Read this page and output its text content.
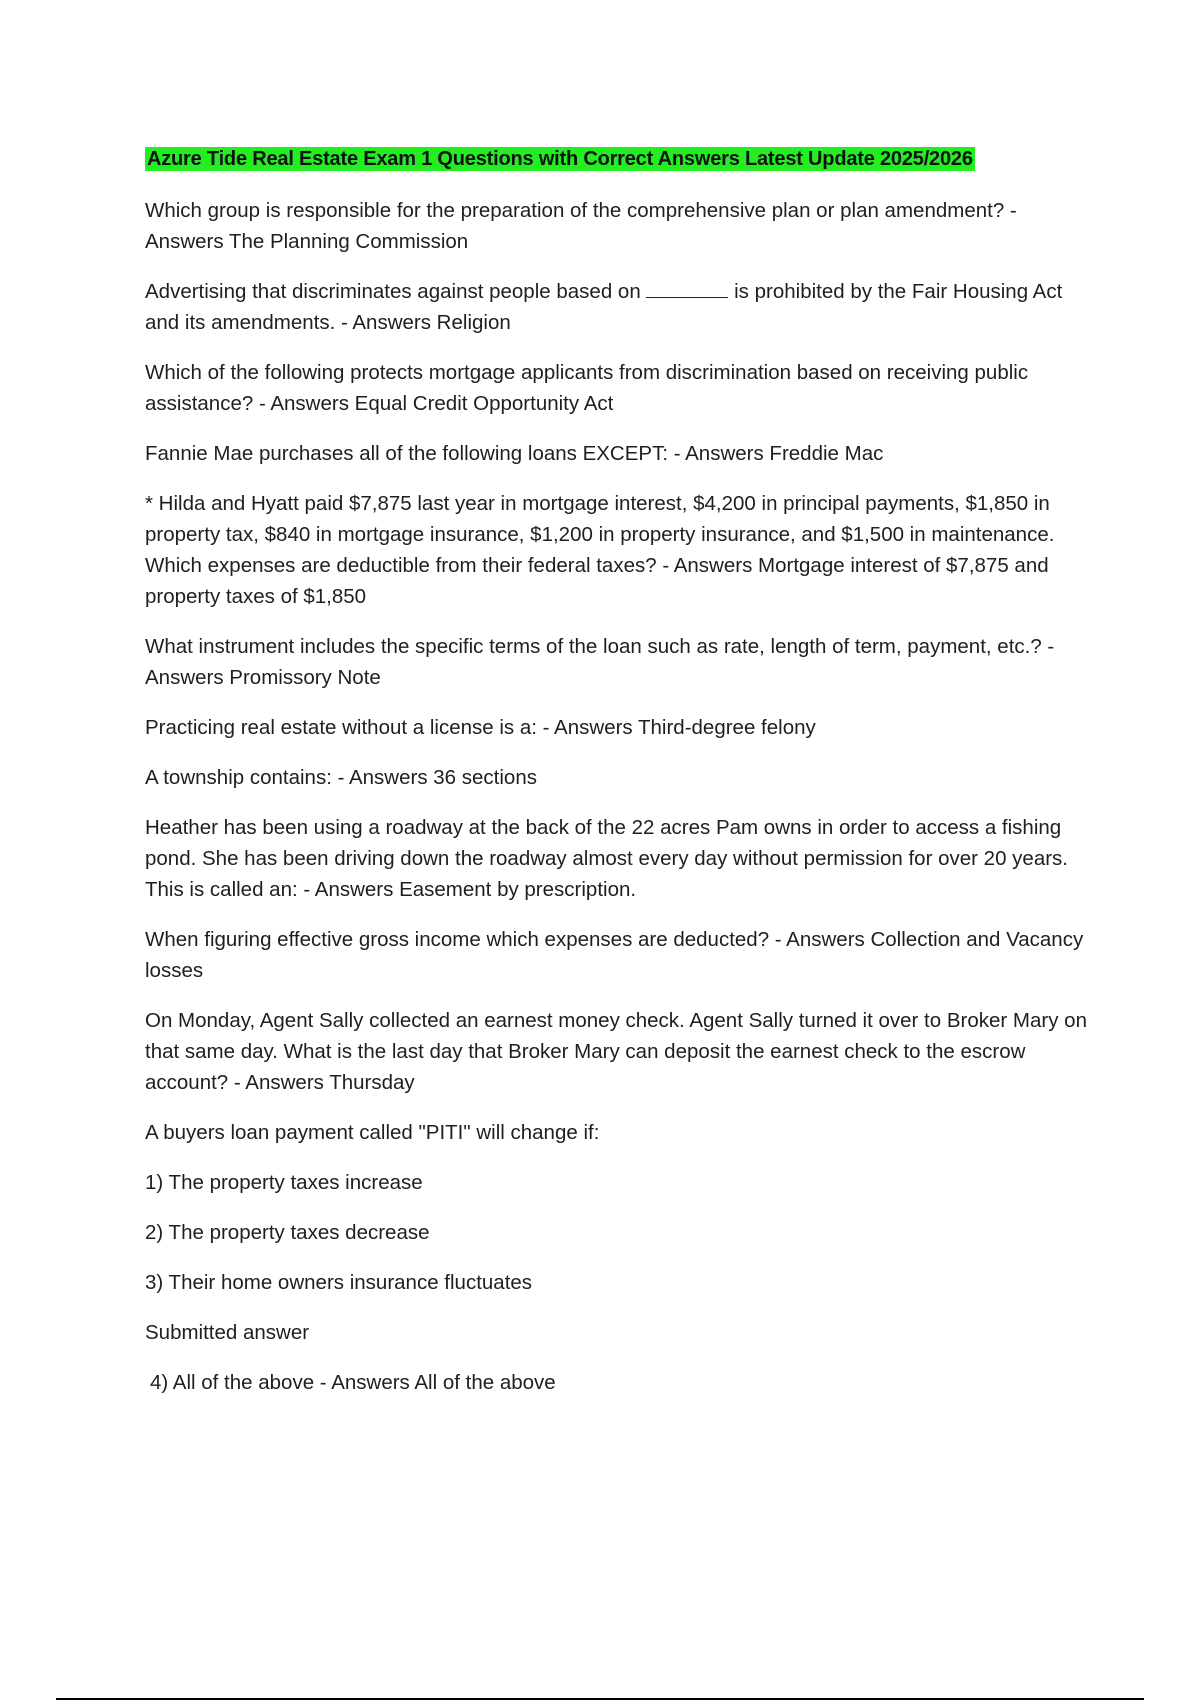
Azure Tide Real Estate Exam 1 Questions with Correct Answers Latest Update 2025/2026

Which group is responsible for the preparation of the comprehensive plan or plan amendment? - Answers The Planning Commission

Advertising that discriminates against people based on	is prohibited by the Fair Housing Act and its amendments. - Answers Religion

Which of the following protects mortgage applicants from discrimination based on receiving public assistance? - Answers Equal Credit Opportunity Act

Fannie Mae purchases all of the following loans EXCEPT: - Answers Freddie Mac

* Hilda and Hyatt paid $7,875 last year in mortgage interest, $4,200 in principal payments, $1,850 in property tax, $840 in mortgage insurance, $1,200 in property insurance, and $1,500 in maintenance. Which expenses are deductible from their federal taxes? - Answers Mortgage interest of $7,875 and property taxes of $1,850

What instrument includes the specific terms of the loan such as rate, length of term, payment, etc.? - Answers Promissory Note

Practicing real estate without a license is a: - Answers Third-degree felony

A township contains: - Answers 36 sections

Heather has been using a roadway at the back of the 22 acres Pam owns in order to access a fishing pond. She has been driving down the roadway almost every day without permission for over 20 years. This is called an: - Answers Easement by prescription.

When figuring effective gross income which expenses are deducted? - Answers Collection and Vacancy losses

On Monday, Agent Sally collected an earnest money check. Agent Sally turned it over to Broker Mary on that same day. What is the last day that Broker Mary can deposit the earnest check to the escrow account? - Answers Thursday

A buyers loan payment called "PITI" will change if:

1) The property taxes increase

2) The property taxes decrease

3) Their home owners insurance fluctuates

Submitted answer

4) All of the above - Answers All of the above
